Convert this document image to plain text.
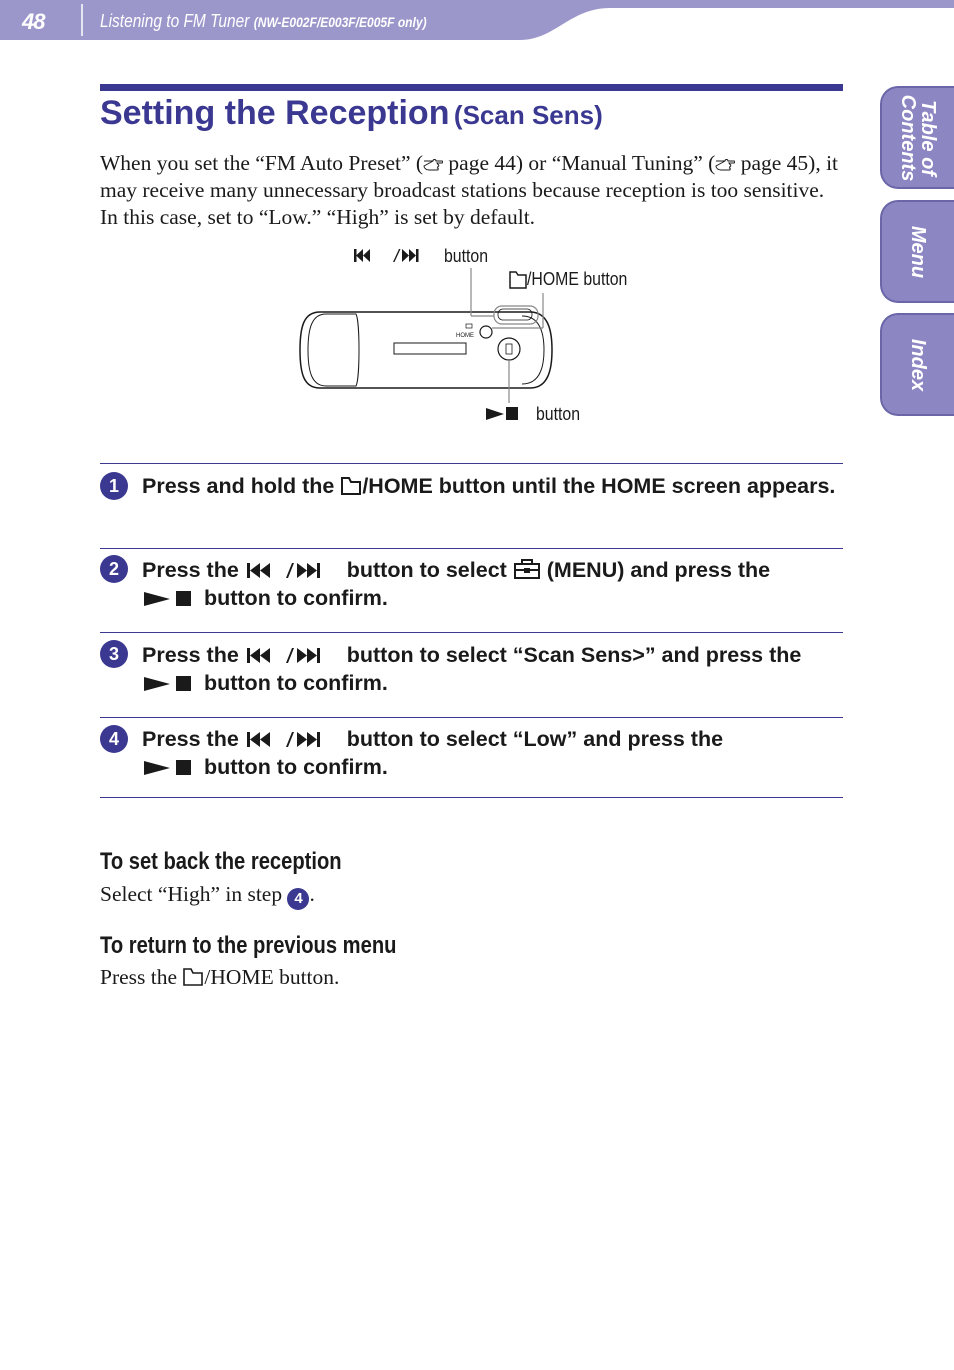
48	Listening to FM Tuner (NW-E002F/E003F/E005F only)
Table of
Contents
Menu
Index
Setting the Reception (Scan Sens)
When you set the “FM Auto Preset” ( page 44) or “Manual Tuning” ( page 45), it may receive many unnecessary broadcast stations because reception is too sensitive. In this case, set to “Low.” “High” is set by default.
HOME
button
/HOME button
button
1	Press and hold the /HOME button until the HOME screen appears.
2	Press the	button to select  (MENU) and press the
button to confirm.
3	Press the	button to select “Scan Sens>” and press the  button to confirm.
4	Press the	button to select “Low” and press the
button to confirm.
To set back the reception
Select “High” in step 4 .
To return to the previous menu
Press the /HOME button.
